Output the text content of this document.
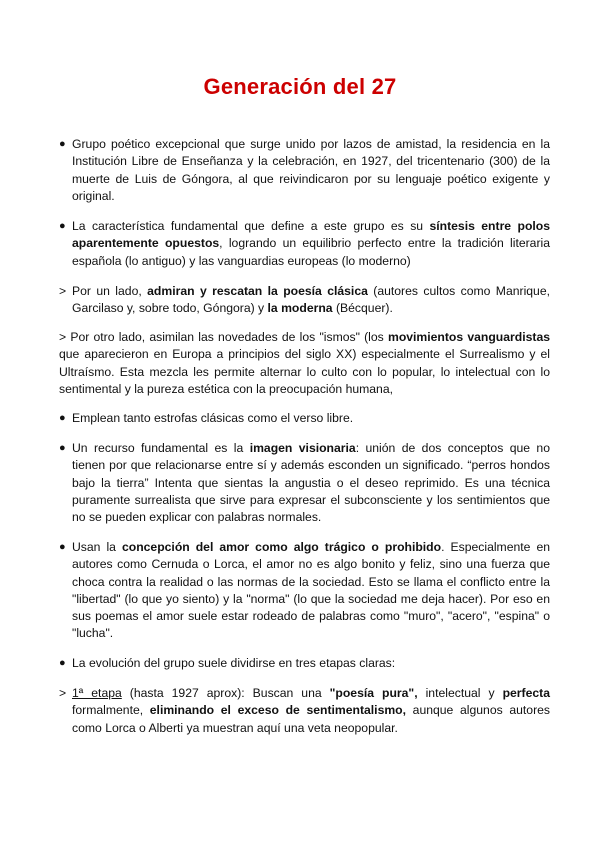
Generación del 27
● Grupo poético excepcional que surge unido por lazos de amistad, la residencia en la Institución Libre de Enseñanza y la celebración, en 1927, del tricentenario (300) de la muerte de Luis de Góngora, al que reivindicaron por su lenguaje poético exigente y original.
● La característica fundamental que define a este grupo es su síntesis entre polos aparentemente opuestos, logrando un equilibrio perfecto entre la tradición literaria española (lo antiguo) y las vanguardias europeas (lo moderno)
> Por un lado, admiran y rescatan la poesía clásica (autores cultos como Manrique, Garcilaso y, sobre todo, Góngora) y la moderna (Bécquer).
> Por otro lado, asimilan las novedades de los "ismos" (los movimientos vanguardistas que aparecieron en Europa a principios del siglo XX) especialmente el Surrealismo y el Ultraísmo. Esta mezcla les permite alternar lo culto con lo popular, lo intelectual con lo sentimental y la pureza estética con la preocupación humana,
● Emplean tanto estrofas clásicas como el verso libre.
● Un recurso fundamental es la imagen visionaria: unión de dos conceptos que no tienen por que relacionarse entre sí y además esconden un significado. “perros hondos bajo la tierra” Intenta que sientas la angustia o el deseo reprimido. Es una técnica puramente surrealista que sirve para expresar el subconsciente y los sentimientos que no se pueden explicar con palabras normales.
● Usan la concepción del amor como algo trágico o prohibido. Especialmente en autores como Cernuda o Lorca, el amor no es algo bonito y feliz, sino una fuerza que choca contra la realidad o las normas de la sociedad. Esto se llama el conflicto entre la "libertad" (lo que yo siento) y la "norma" (lo que la sociedad me deja hacer). Por eso en sus poemas el amor suele estar rodeado de palabras como "muro", "acero", "espina" o "lucha".
● La evolución del grupo suele dividirse en tres etapas claras:
> 1ª etapa (hasta 1927 aprox): Buscan una "poesía pura", intelectual y perfecta formalmente, eliminando el exceso de sentimentalismo, aunque algunos autores como Lorca o Alberti ya muestran aquí una veta neopopular.
